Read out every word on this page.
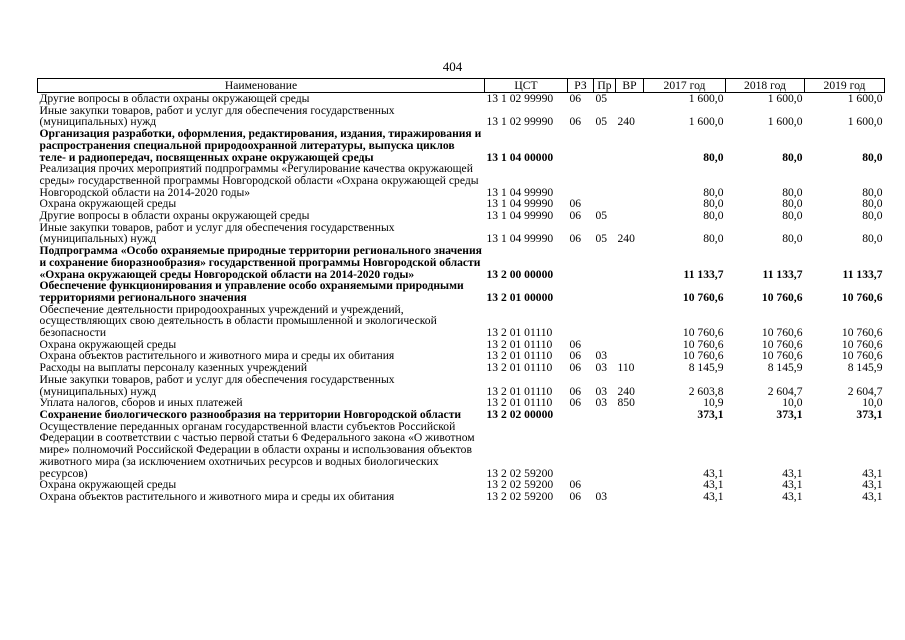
404
Наименование	ЦСТ	РЗ	Пр	ВР	2017 год	2018 год	2019 год
Другие вопросы в области охраны окружающей среды	13 1 02 99990	06	05		1 600,0	1 600,0	1 600,0
Иные закупки товаров, работ и услуг для обеспечения государственных (муниципальных) нужд	13 1 02 99990	06	05	240	1 600,0	1 600,0	1 600,0
Организация разработки, оформления, редактирования, издания, тиражирования и распространения специальной природоохранной литературы, выпуска циклов теле- и радиопередач, посвященных охране окружающей среды	13 1 04 00000				80,0	80,0	80,0
Реализация прочих мероприятий подпрограммы «Регулирование качества окружающей среды» государственной программы Новгородской области «Охрана окружающей среды Новгородской области на 2014-2020 годы»	13 1 04 99990				80,0	80,0	80,0
Охрана окружающей среды	13 1 04 99990	06			80,0	80,0	80,0
Другие вопросы в области охраны окружающей среды	13 1 04 99990	06	05		80,0	80,0	80,0
Иные закупки товаров, работ и услуг для обеспечения государственных (муниципальных) нужд	13 1 04 99990	06	05	240	80,0	80,0	80,0
Подпрограмма «Особо охраняемые природные территории регионального значения и сохранение биоразнообразия» государственной программы Новгородской области «Охрана окружающей среды Новгородской области на 2014-2020 годы»	13 2 00 00000				11 133,7	11 133,7	11 133,7
Обеспечение функционирования и управление особо охраняемыми природными территориями регионального значения	13 2 01 00000				10 760,6	10 760,6	10 760,6
Обеспечение деятельности природоохранных учреждений и учреждений, осуществляющих свою деятельность в области промышленной и экологической безопасности	13 2 01 01110				10 760,6	10 760,6	10 760,6
Охрана окружающей среды	13 2 01 01110	06			10 760,6	10 760,6	10 760,6
Охрана объектов растительного и животного мира и среды их обитания	13 2 01 01110	06	03		10 760,6	10 760,6	10 760,6
Расходы на выплаты персоналу казенных учреждений	13 2 01 01110	06	03	110	8 145,9	8 145,9	8 145,9
Иные закупки товаров, работ и услуг для обеспечения государственных (муниципальных) нужд	13 2 01 01110	06	03	240	2 603,8	2 604,7	2 604,7
Уплата налогов, сборов и иных платежей	13 2 01 01110	06	03	850	10,9	10,0	10,0
Сохранение биологического разнообразия на территории Новгородской области	13 2 02 00000				373,1	373,1	373,1
Осуществление переданных органам государственной власти субъектов Российской Федерации в соответствии с частью первой статьи 6 Федерального закона «О животном мире» полномочий Российской Федерации в области охраны и использования объектов животного мира (за исключением охотничьих ресурсов и водных биологических ресурсов)	13 2 02 59200				43,1	43,1	43,1
Охрана окружающей среды	13 2 02 59200	06			43,1	43,1	43,1
Охрана объектов растительного и животного мира и среды их обитания	13 2 02 59200	06	03		43,1	43,1	43,1
